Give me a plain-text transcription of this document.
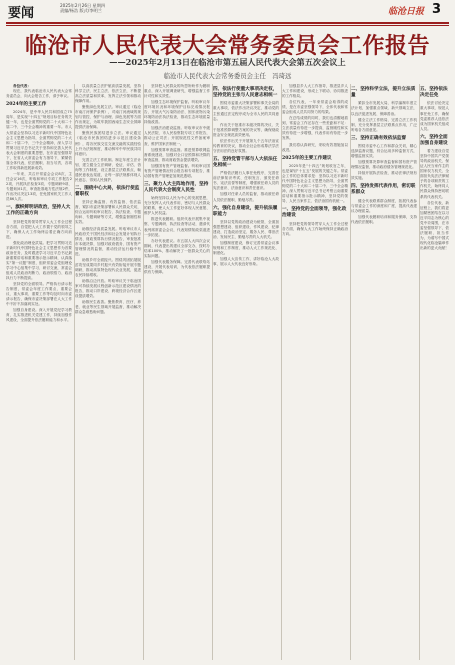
要闻
2025年2月26日 星期四
责编/杨浩 版式/李明兰	临沧日报 3
临沧市人民代表大会常务委员会工作报告
——2025年2月13日在临沧市第五届人民代表大会第五次会议上
临沧市人民代表大会常务委员会主任　冯琦远

各位代表：

现在，我代表临沧市人民代表大会常务委员会，向大会报告工作，请予审议。

2024年的主要工作

2024年，是中华人民共和国成立75周年，是实现“十四五”规划目标任务的关键一年，也是全面贯彻党的二十大和二十届二中、三中全会精神的重要一年。市人大常委会坚持以习近平新时代中国特色社会主义思想为指导，全面贯彻党的二十大和二十届二中、三中全会精神，深入学习贯彻习近平总书记关于坚持和完善人民代表大会制度的重要思想，在市委坚强领导下，在省人大常委会有力指导下，紧紧依靠全体代表，依法履职、担当尽责，各项工作取得新进展新成效。

一年来，共召开常委会会议8次，主任会议16次，听取和审议专项工作报告22项，开展执法检查3项、专题调研9项、专题询问1次，审查批准地方性法规2件，作出决议决定13项，任免国家机关工作人员86人次。

一、旗帜鲜明讲政治，坚持人大工作的正确方向

坚持把党的领导贯穿人大工作全过程各方面，自觉把人大工作置于党的领导之下，确保人大工作始终沿着正确方向前进。

强化政治理论武装。把学习贯彻习近平新时代中国特色社会主义思想作为首要政治任务，及时跟进学习习近平总书记最新重要讲话和重要指示批示精神，认真落实“第一议题”制度，组织常委会党组理论学习中心组集中学习、研讨交流，常委会组成人员政治判断力、政治领悟力、政治执行力不断提高。

坚持党的全面领导。严格执行请示报告制度，常委会年度工作要点、重要会议、重大事项、重要工作等均及时向市委请示报告，确保市委决策部署在人大工作中不折不扣落到实处。

加强自身建设。深入开展党纪学习教育，扎实推进机关党建工作，持续加强作风建设，全面提升依法履职能力和水平。

以高质量立法护航高质量发展，坚持科学立法、民主立法、依法立法，不断提高立法质量和效率，发挥立法引领和推动保障作用。

聚焦绿色发展立法。审议通过《临沧市南汀河保护条例》，对南汀河流域的规划与管控、保护与治理、绿色发展等方面作出规定，为筑牢我国西南生态安全屏障提供法治保障。

聚焦民族团结进步立法。审议通过《临沧市民族团结进步示范区建设条例》，将各民族交往交流交融的实践经验上升为法规制度，推动铸牢中华民族共同体意识。

完善立法工作机制。制定年度立法计划，建立健全立法调研、论证、评估、咨询等工作制度，设立基层立法联系点，畅通民意表达渠道，让每一部法规都体现人民意志、得到人民拥护。

二、围绕中心大局，依法行使监督职权

坚持正确监督、有效监督、依法监督，紧扣市委决策部署和人民群众关切，综合运用听取审议报告、执法检查、专题询问、专题调研等方式，增强监督刚性和实效。

助推经济高质量发展。听取审议市人民政府关于国民经济和社会发展计划执行情况、财政预算执行情况报告，审查批准市本级决算，加强对政府债务、国有资产管理情况的监督，推动经济运行稳中有进。

助推乡村全面振兴。围绕巩固拓展脱贫攻坚成果同乡村振兴有效衔接开展专题调研，推动高原特色现代农业发展，促进农民持续增收。

助推沿边开放。听取审议关于临沧国家可持续发展议程创新示范区建设情况的报告，推动口岸建设、跨境经济合作区建设提质增效。

助推民生改善。聚焦教育、医疗、养老、就业等民生领域开展监督，推动解决群众急难愁盼问题。

坚持把人民群众的所思所盼作为履职重点，深入开展调查研究，增强监督工作针对性和实效性。

加强生态环境保护监督。听取审议年度环境状况和环境保护目标完成情况报告，开展大气污染防治法、固体废物污染环境防治法执法检查，推动生态环境质量持续改善。

加强法治建设监督。听取审议市中级人民法院、市人民检察院专项工作报告，推动公正司法；开展规范性文件备案审查，维护国家法制统一。

加强预算审查监督。推进预算联网监督系统建设，加强对全口径预算和决算的审查监督，推动财政资金提质增效。

加强国有资产管理监督。听取审议国有资产管理情况综合报告和专项报告，推动国有资产管理更加规范透明。

三、聚力人大主阵地作用，坚持人民代表大会制度人民性

始终坚持以人民为中心的发展思想，充分发挥人大代表作用，密切与人民群众的联系，使人大工作更好体现人民意愿、维护人民权益。

推进代表履职。组织代表开展集中视察、专题调研、执法检查等活动，邀请代表列席常委会会议，代表知情知政渠道进一步拓宽。

办好代表建议。市五届人大四次会议期间，代表提出的建议全部交办，按时办结率100%，推动解决了一批群众关心的实际问题。

加强代表服务保障。完善代表联络站建设，开展代表培训，为代表依法履职提供有力保障。

四、依法行使重大事项决定权，坚持党的主张与人民意志相统一

围绕市委重大决策部署和事关全局的重大事项，依法作出决议决定，推动党的主张通过法定程序成为全市人民的共同意志。

作出关于批准市本级决算的决议、关于批准预算调整方案的决议等，确保财政资金安全规范高效使用。

依法作出关于开展第九个五年法治宣传教育的决议，推动全社会形成尊法学法守法用法的良好氛围。

五、坚持党管干部与人大依法任免相统一

严格依法履行人事任免程序，完善任前法律知识考试、任职发言、颁发任命书、宪法宣誓等制度，增强被任命人员的宪法意识、法治意识和责任意识。

加强对任命人员的监督，推动被任命人员依法履职、勤勉尽责。

六、强化自身建设，提升依法履职能力

坚持以党的政治建设为统领，全面加强思想建设、组织建设、作风建设、纪律建设，打造政治坚定、服务人民、尊崇法治、发扬民主、勤勉尽责的人大机关。

加强制度建设，修订完善常委会议事规则和工作制度，推动人大工作规范化、制度化。

加强人大宣传工作，讲好临沧人大故事，展示人大代表良好形象。

加强县乡人大工作指导，推进县乡人大工作和建设，形成上下联动、协同推进的工作格局。

各位代表，一年来常委会取得的成绩，是在市委坚强领导下，全体代表和常委会组成人员共同努力的结果。

在总结成绩的同时，我们也清醒地看到，常委会工作还存在一些差距和不足：立法质量有待进一步提高，监督刚性和实效有待进一步增强，代表作用有待进一步发挥。

我们将认真研究，采取有效措施加以改进。

2025年的主要工作建议

2025年是“十四五”规划收官之年，也是谋划“十五五”发展的关键之年。常委会工作的总体要求是：坚持以习近平新时代中国特色社会主义思想为指导，全面贯彻党的二十大和二十届二中、三中全会精神，深入贯彻习近平总书记考察云南重要讲话和重要指示批示精神，坚持党的领导、人民当家作主、依法治国有机统一。

一、坚持党的全面领导，强化政治建设

坚持把党的领导贯穿人大工作全过程各方面，确保人大工作始终保持正确政治方向。

二、坚持科学立法，提升立法质量

紧扣全市发展大局，科学编制年度立法计划，加强重点领域、新兴领域立法，以良法促进发展、保障善治。

健全立法工作格局，完善立法工作机制，充分发挥基层立法联系点作用，广泛听取各方面意见。

三、坚持正确有效依法监督

围绕市委中心工作和群众关切，精心选择监督议题，综合运用多种监督方式，增强监督实效。

加强预算决算审查监督和国有资产管理情况监督，推动政府债务管理规范化。

持续开展执法检查，推动法律法规有效实施。

四、坚持发挥代表作用，密切联系群众

健全代表联系群众制度，拓展代表参与常委会工作的深度和广度，提高代表建议办理质量。

加强代表履职培训和服务保障，支持代表依法履职。

五、坚持依法决定任免

依法讨论决定重大事项，规范人事任免工作，确保党委推荐人选依法成为国家机关组成人员。

六、坚持全面加强自身建设

着力建设自觉坚持中国共产党领导的政治机关、保证人民当家作主的国家权力机关、全面担负宪法法律赋予的各项职责的工作机关、始终同人民群众保持密切联系的代表机关。

各位代表，新征程上，我们将更加紧密团结在以习近平同志为核心的党中央周围，在市委坚强领导下，依法履职、担当作为，为谱写中国式现代化临沧篇章作出新的更大贡献！
